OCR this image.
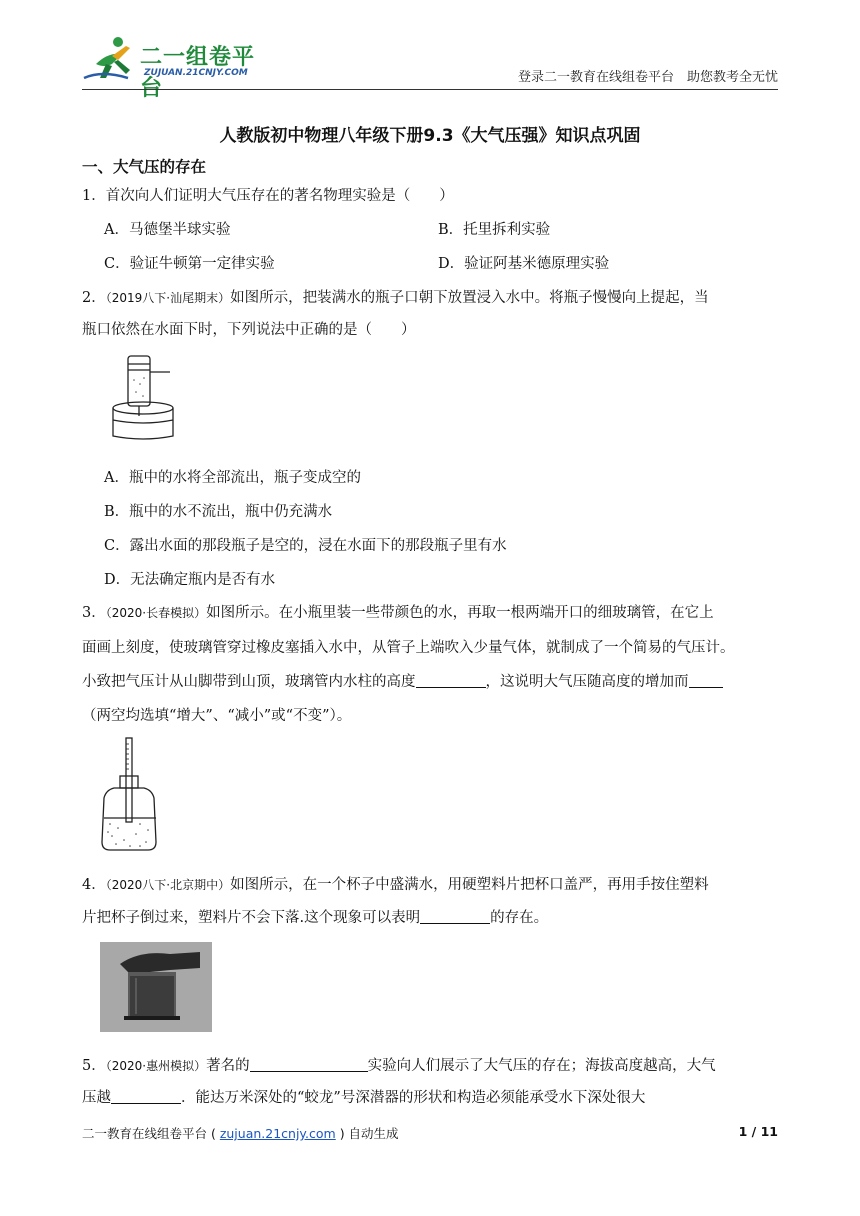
二一组卷平台
ZUJUAN.21CNJY.COM	登录二一教育在线组卷平台　助您教考全无忧
人教版初中物理八年级下册9.3《大气压强》知识点巩固
一、大气压的存在
1．首次向人们证明大气压存在的著名物理实验是（　　）
A．马德堡半球实验	B．托里拆利实验
C．验证牛顿第一定律实验	D．验证阿基米德原理实验
2．（2019八下·汕尾期末）如图所示，把装满水的瓶子口朝下放置浸入水中。将瓶子慢慢向上提起，当
瓶口依然在水面下时，下列说法中正确的是（　　）
A．瓶中的水将全部流出，瓶子变成空的
B．瓶中的水不流出，瓶中仍充满水
C．露出水面的那段瓶子是空的，浸在水面下的那段瓶子里有水
D．无法确定瓶内是否有水
3．（2020·长春模拟）如图所示。在小瓶里装一些带颜色的水，再取一根两端开口的细玻璃管，在它上
面画上刻度，使玻璃管穿过橡皮塞插入水中，从管子上端吹入少量气体，就制成了一个简易的气压计。
小致把气压计从山脚带到山顶，玻璃管内水柱的高度	，这说明大气压随高度的增加而
（两空均选填“增大”、“减小”或“不变”）。
4．（2020八下·北京期中）如图所示，在一个杯子中盛满水，用硬塑料片把杯口盖严，再用手按住塑料
片把杯子倒过来，塑料片不会下落.这个现象可以表明	的存在。
5．（2020·惠州模拟）著名的	实验向人们展示了大气压的存在；海拔高度越高，大气
压越	．能达万米深处的“蛟龙”号深潜器的形状和构造必须能承受水下深处很大
二一教育在线组卷平台 ( zujuan.21cnjy.com ) 自动生成	1 / 11
